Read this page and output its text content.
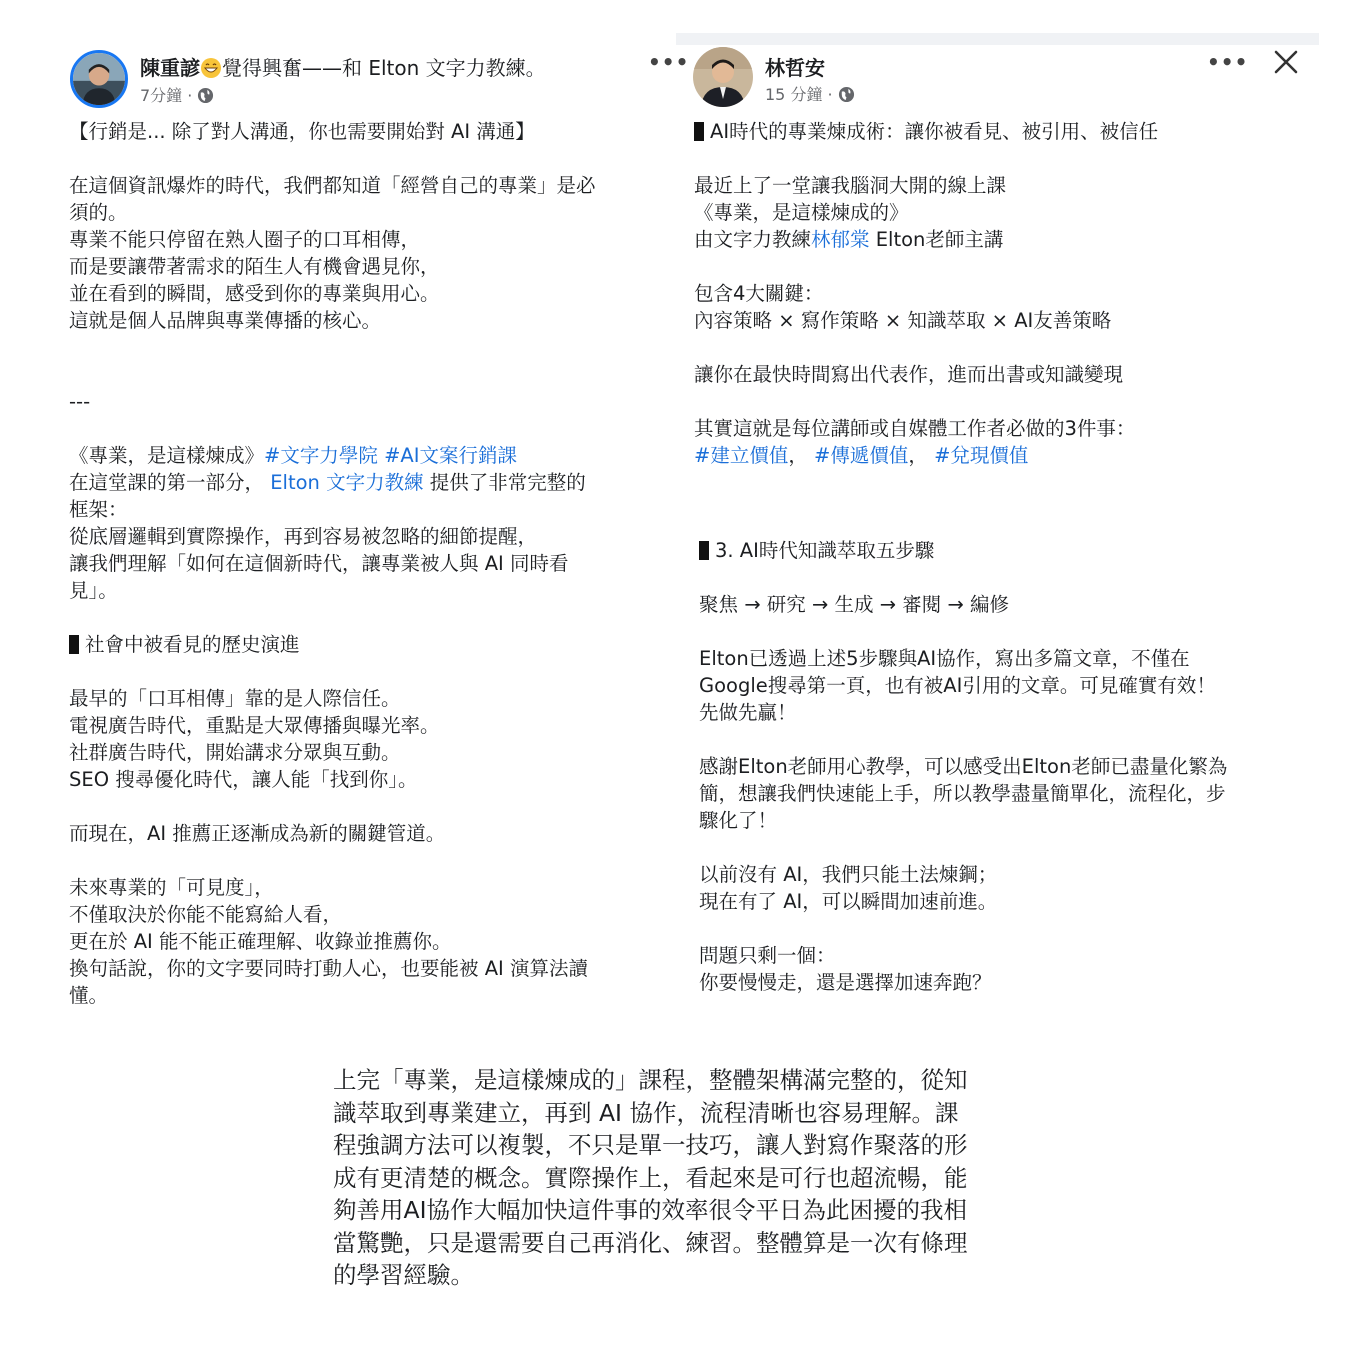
陳重諺 覺得興奮——和 Elton 文字力教練。
7分鐘 ·
•••	林哲安
15 分鐘 ·
•••
【行銷是... 除了對人溝通，你也需要開始對 AI 溝通】
在這個資訊爆炸的時代，我們都知道「經營自己的專業」是必
須的。
專業不能只停留在熟人圈子的口耳相傳，
而是要讓帶著需求的陌生人有機會遇見你，
並在看到的瞬間，感受到你的專業與用心。
這就是個人品牌與專業傳播的核心。
---
《專業，是這樣煉成》#文字力學院 #AI文案行銷課
在這堂課的第一部分， Elton 文字力教練 提供了非常完整的
框架：
從底層邏輯到實際操作，再到容易被忽略的細節提醒，
讓我們理解「如何在這個新時代，讓專業被人與 AI 同時看
見」。
社會中被看見的歷史演進
最早的「口耳相傳」靠的是人際信任。
電視廣告時代，重點是大眾傳播與曝光率。
社群廣告時代，開始講求分眾與互動。
SEO 搜尋優化時代，讓人能「找到你」。
而現在，AI 推薦正逐漸成為新的關鍵管道。
未來專業的「可見度」，
不僅取決於你能不能寫給人看，
更在於 AI 能不能正確理解、收錄並推薦你。
換句話說，你的文字要同時打動人心，也要能被 AI 演算法讀
懂。
AI時代的專業煉成術：讓你被看見、被引用、被信任
最近上了一堂讓我腦洞大開的線上課
《專業，是這樣煉成的》
由文字力教練林郁棠 Elton老師主講
包含4大關鍵：
內容策略 × 寫作策略 × 知識萃取 × AI友善策略
讓你在最快時間寫出代表作，進而出書或知識變現
其實這就是每位講師或自媒體工作者必做的3件事：
#建立價值， #傳遞價值， #兌現價值
3. AI時代知識萃取五步驟
聚焦 → 研究 → 生成 → 審閱 → 編修
Elton已透過上述5步驟與AI協作，寫出多篇文章，不僅在
Google搜尋第一頁，也有被AI引用的文章。可見確實有效！
先做先贏！
感謝Elton老師用心教學，可以感受出Elton老師已盡量化繁為
簡，想讓我們快速能上手，所以教學盡量簡單化，流程化，步
驟化了！
以前沒有 AI，我們只能土法煉鋼；
現在有了 AI，可以瞬間加速前進。
問題只剩一個：
你要慢慢走，還是選擇加速奔跑？
上完「專業，是這樣煉成的」課程，整體架構滿完整的，從知
識萃取到專業建立，再到 AI 協作，流程清晰也容易理解。課
程強調方法可以複製，不只是單一技巧，讓人對寫作聚落的形
成有更清楚的概念。實際操作上，看起來是可行也超流暢，能
夠善用AI協作大幅加快這件事的效率很令平日為此困擾的我相
當驚艷，只是還需要自己再消化、練習。整體算是一次有條理
的學習經驗。
